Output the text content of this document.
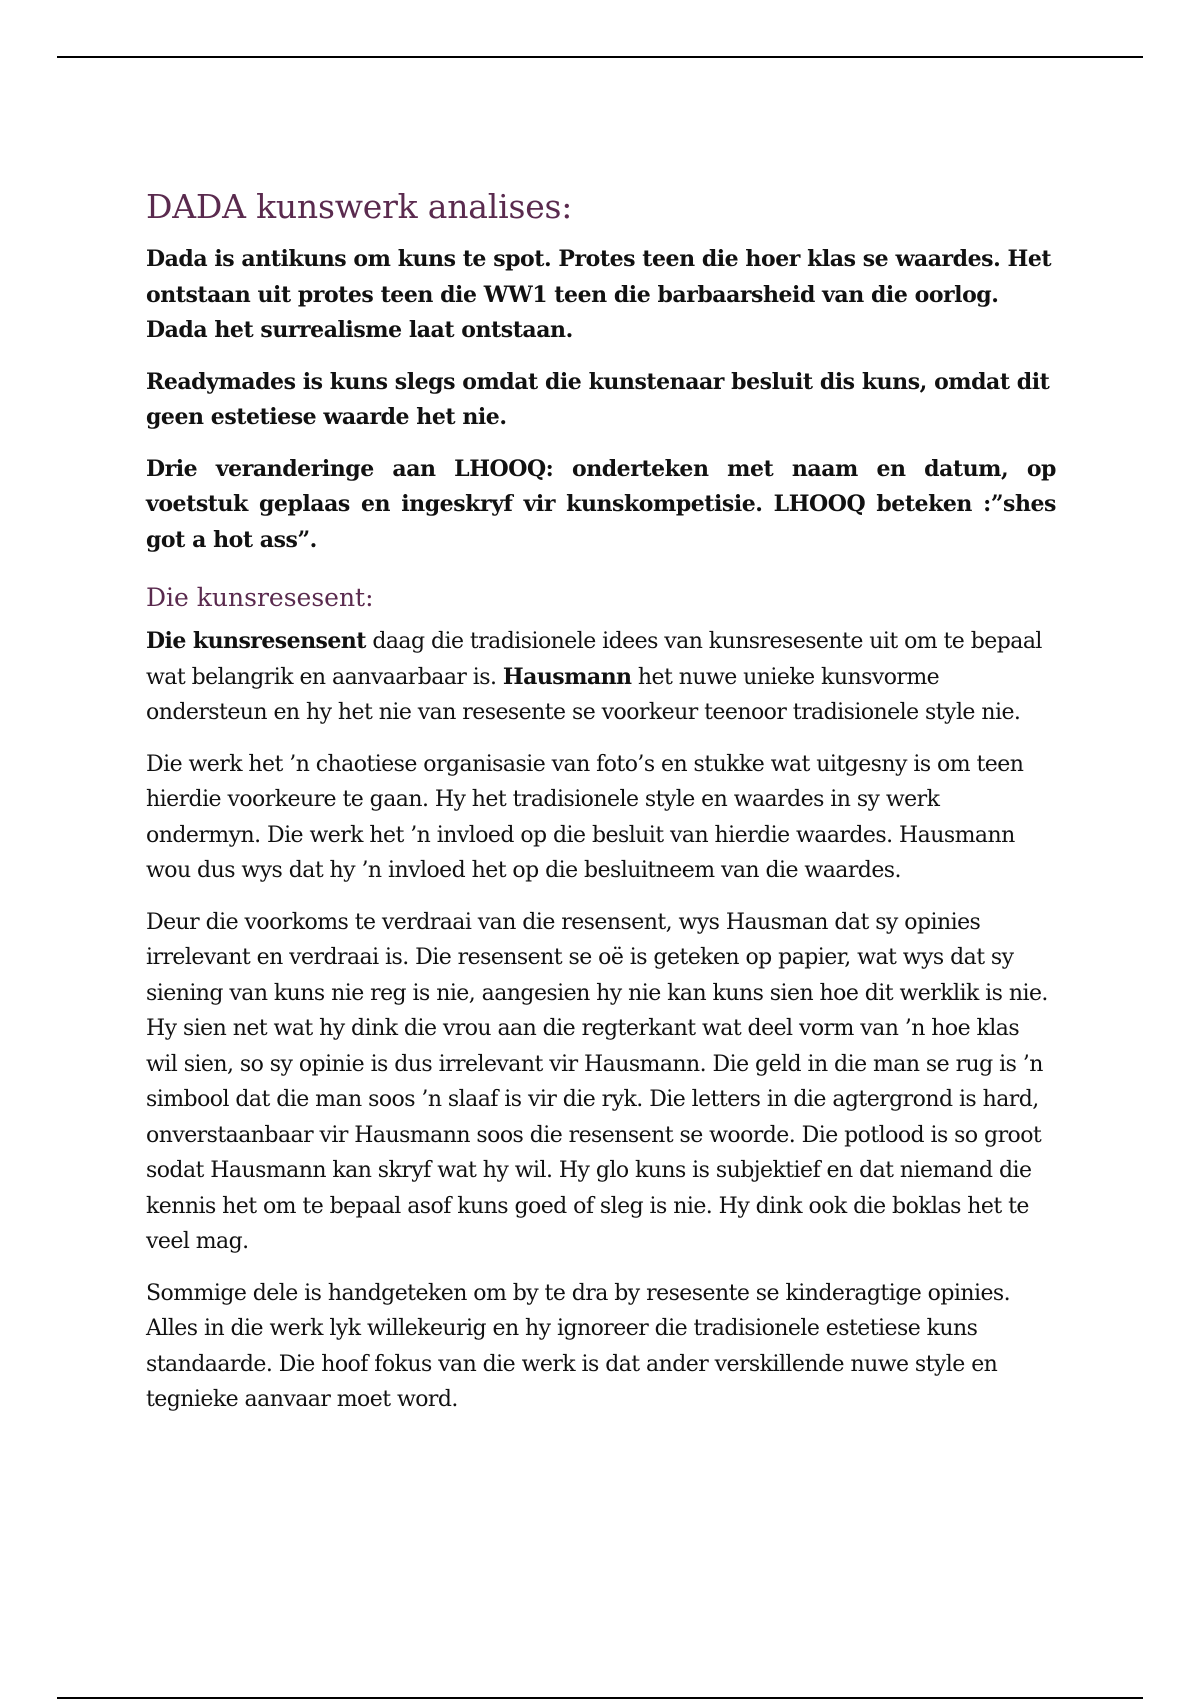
DADA kunswerk analises:

Dada is antikuns om kuns te spot. Protes teen die hoer klas se waardes. Het ontstaan uit protes teen die WW1 teen die barbaarsheid van die oorlog. Dada het surrealisme laat ontstaan.

Readymades is kuns slegs omdat die kunstenaar besluit dis kuns, omdat dit geen estetiese waarde het nie.

Drie veranderinge aan LHOOQ: onderteken met naam en datum, op voetstuk geplaas en ingeskryf vir kunskompetisie. LHOOQ beteken :”shes got a hot ass”.

Die kunsresesent:

Die kunsresensent daag die tradisionele idees van kunsresesente uit om te bepaal wat belangrik en aanvaarbaar is. Hausmann het nuwe unieke kunsvorme ondersteun en hy het nie van resesente se voorkeur teenoor tradisionele style nie.

Die werk het ’n chaotiese organisasie van foto’s en stukke wat uitgesny is om teen hierdie voorkeure te gaan. Hy het tradisionele style en waardes in sy werk ondermyn. Die werk het ’n invloed op die besluit van hierdie waardes. Hausmann wou dus wys dat hy ’n invloed het op die besluitneem van die waardes.

Deur die voorkoms te verdraai van die resensent, wys Hausman dat sy opinies irrelevant en verdraai is. Die resensent se oë is geteken op papier, wat wys dat sy siening van kuns nie reg is nie, aangesien hy nie kan kuns sien hoe dit werklik is nie. Hy sien net wat hy dink die vrou aan die regterkant wat deel vorm van ’n hoe klas wil sien, so sy opinie is dus irrelevant vir Hausmann. Die geld in die man se rug is ’n simbool dat die man soos ’n slaaf is vir die ryk. Die letters in die agtergrond is hard, onverstaanbaar vir Hausmann soos die resensent se woorde. Die potlood is so groot sodat Hausmann kan skryf wat hy wil. Hy glo kuns is subjektief en dat niemand die kennis het om te bepaal asof kuns goed of sleg is nie. Hy dink ook die boklas het te veel mag.

Sommige dele is handgeteken om by te dra by resesente se kinderagtige opinies. Alles in die werk lyk willekeurig en hy ignoreer die tradisionele estetiese kuns standaarde. Die hoof fokus van die werk is dat ander verskillende nuwe style en tegnieke aanvaar moet word.
